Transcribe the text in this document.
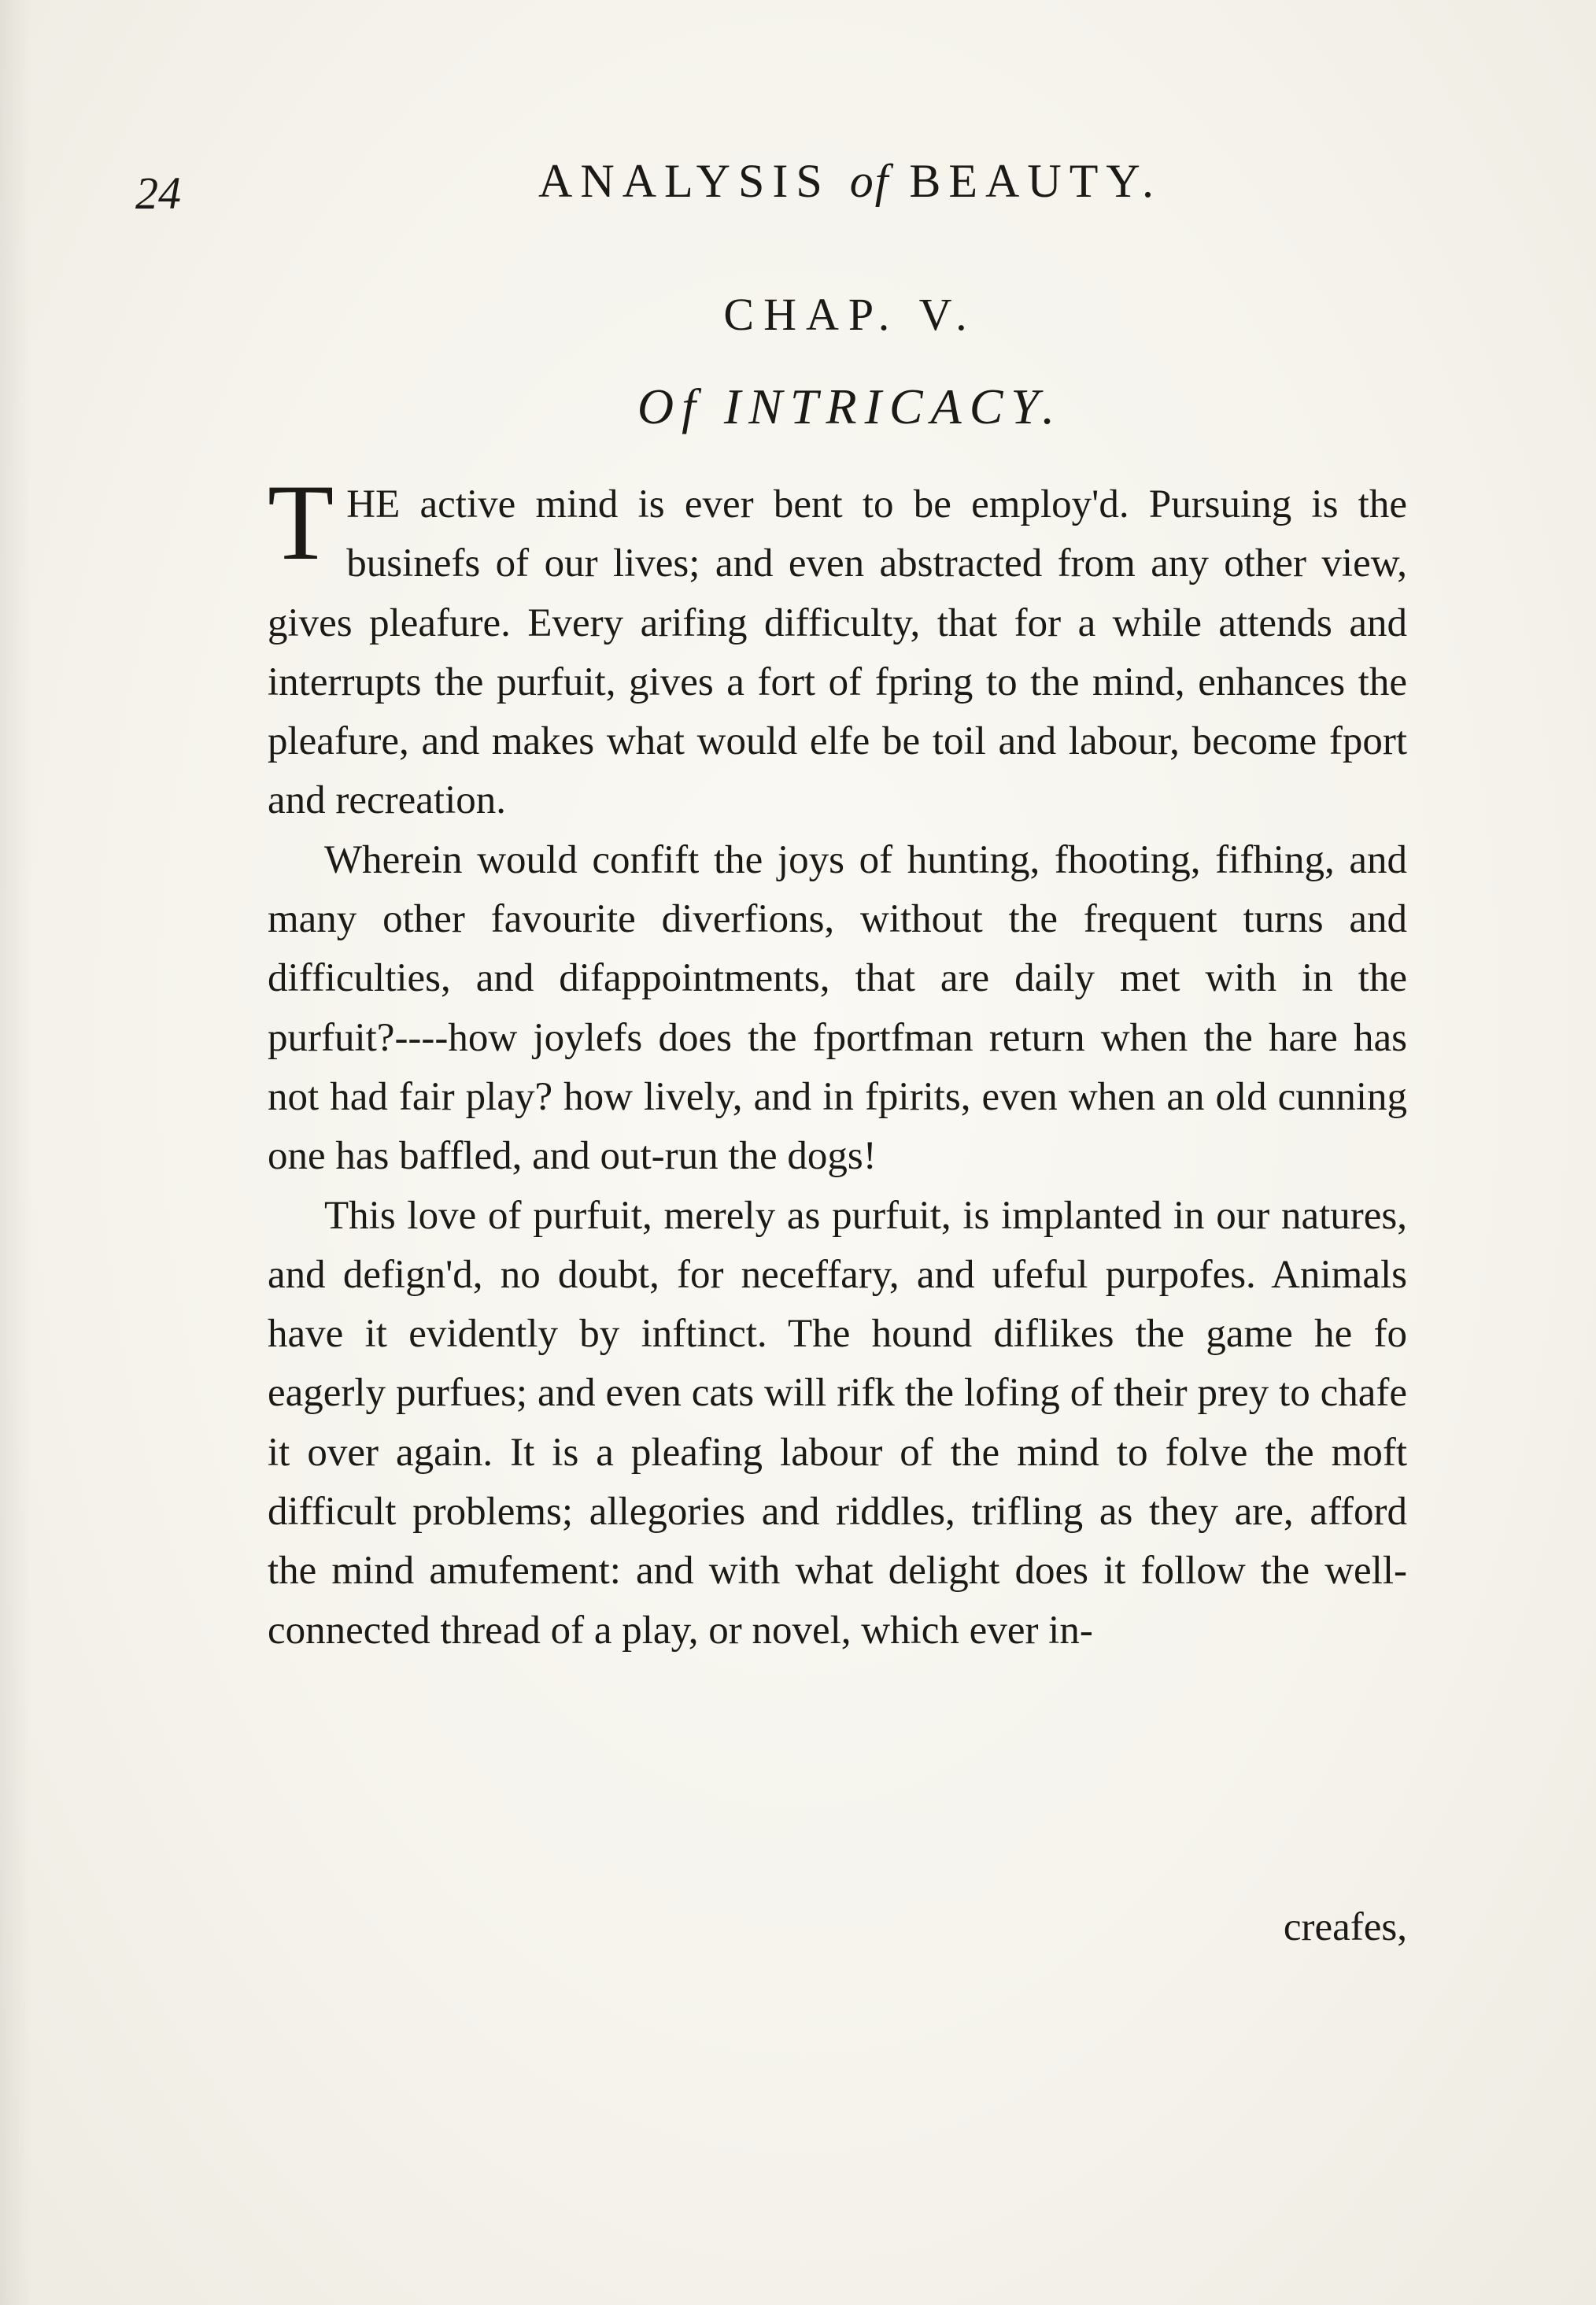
24	ANALYSIS of BEAUTY.
CHAP. V.
Of INTRICACY.

THE active mind is ever bent to be employ'd. Pursuing is the businefs of our lives; and even abstracted from any other view, gives pleafure. Every arifing difficulty, that for a while attends and interrupts the purfuit, gives a fort of fpring to the mind, enhances the pleafure, and makes what would elfe be toil and labour, become fport and recreation.

Wherein would confift the joys of hunting, fhooting, fifhing, and many other favourite diverfions, without the frequent turns and difficulties, and difappointments, that are daily met with in the purfuit?----how joylefs does the fportfman return when the hare has not had fair play? how lively, and in fpirits, even when an old cunning one has baffled, and out-run the dogs!

This love of purfuit, merely as purfuit, is implanted in our natures, and defign'd, no doubt, for neceffary, and ufeful purpofes. Animals have it evidently by inftinct. The hound diflikes the game he fo eagerly purfues; and even cats will rifk the lofing of their prey to chafe it over again. It is a pleafing labour of the mind to folve the moft difficult problems; allegories and riddles, trifling as they are, afford the mind amufement: and with what delight does it follow the well-connected thread of a play, or novel, which ever in-

creafes,
